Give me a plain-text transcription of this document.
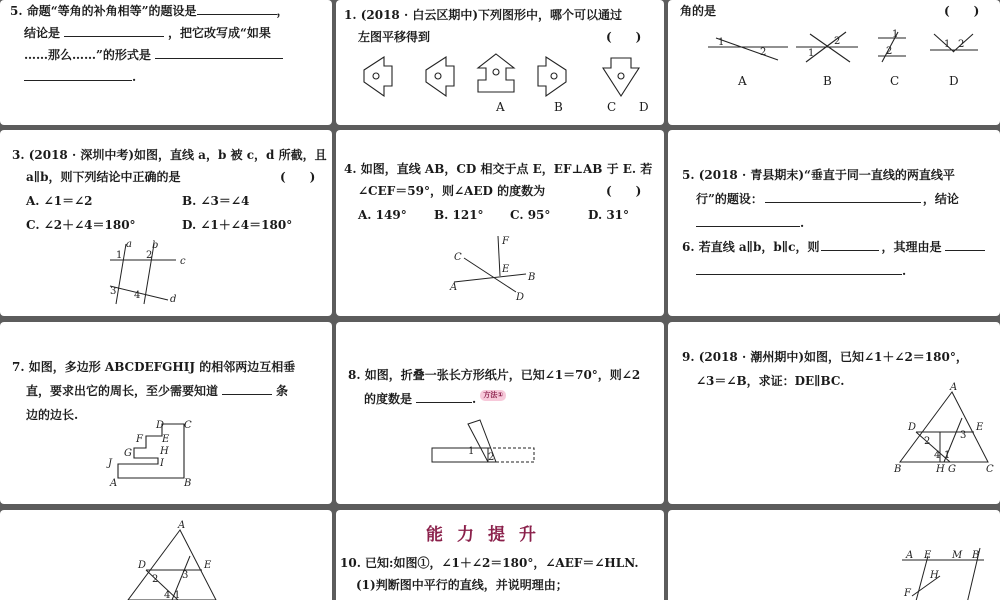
5. 命题“等角的补角相等”的题设是	，

结论是	，把它改写成“如果

……那么……”的形式是

.

1. (2018 · 白云区期中)下列图形中，哪个可以通过

左图平移得到	(　　)

A	B	C D

角的是	(　　)

1
2	1
2
1
2
1 2
A	B	C	D

3. (2018 · 深圳中考)如图，直线 a，b 被 c，d 所截，且

a∥b，则下列结论中正确的是	(　　)

A. ∠1＝∠2	B. ∠3＝∠4
C. ∠2＋∠4＝180°	D. ∠1＋∠4＝180°
a b
c
d
1 2
3 4

4. 如图，直线 AB，CD 相交于点 E，EF⊥AB 于 E. 若

∠CEF＝59°，则∠AED 的度数为	(　　)

A. 149° B. 121° C. 95°	D. 31°
F
C
E
B
A
D

5. (2018 · 青县期末)“垂直于同一直线的两直线平

行”的题设：	，结论

.

6. 若直线 a∥b，b∥c，则	，其理由是

.

7. 如图，多边形 ABCDEFGHIJ 的相邻两边互相垂

直，要求出它的周长，至少需要知道	条

边的边长.

D C
F E
G	H
J	I
A	B

8. 如图，折叠一张长方形纸片，已知∠1＝70°，则∠2

的度数是	. 方法①

1
2

9. (2018 · 潮州期中)如图，已知∠1＋∠2＝180°，

∠3＝∠B，求证：DE∥BC.	A
D	E
2
3
4 1
B	H G	C
A
D	E
2 3
4 1
能力提升

10. 已知:如图①，∠1＋∠2＝180°，∠AEF＝∠HLN.

(1)判断图中平行的直线，并说明理由；

A E M B
H
F
